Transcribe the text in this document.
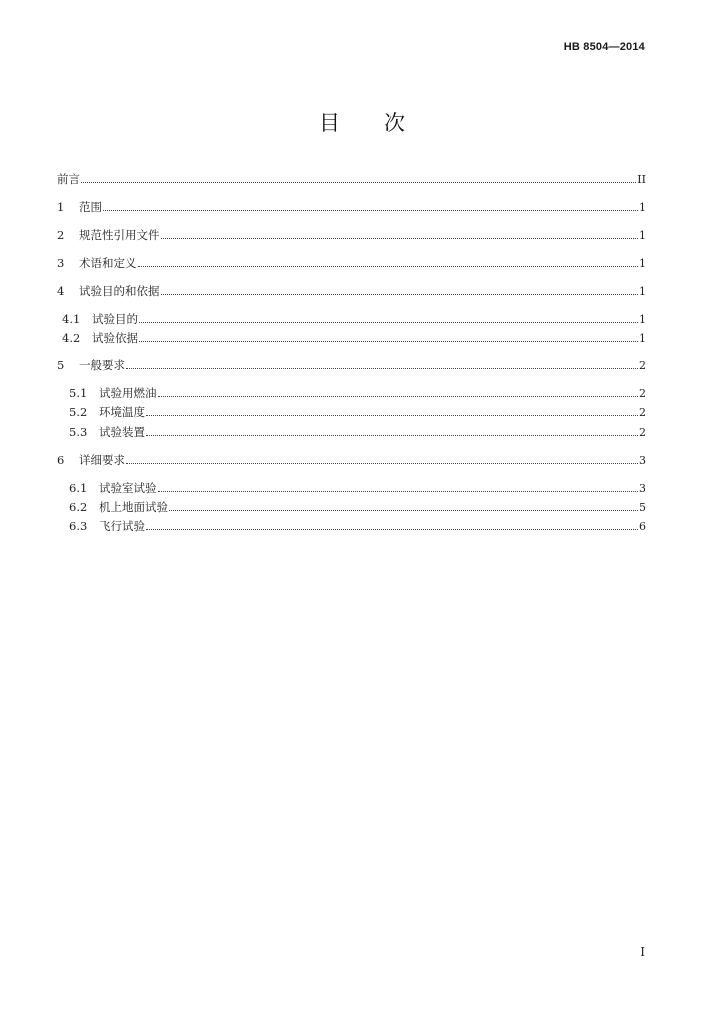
HB 8504—2014
目 次
前言	II
1	范围	1
2	规范性引用文件	1
3	术语和定义	1
4	试验目的和依据	1
4.1	试验目的	1
4.2	试验依据	1
5	一般要求	2
5.1	试验用燃油	2
5.2	环境温度	2
5.3	试验装置	2
6	详细要求	3
6.1	试验室试验	3
6.2	机上地面试验	5
6.3	飞行试验	6
I
